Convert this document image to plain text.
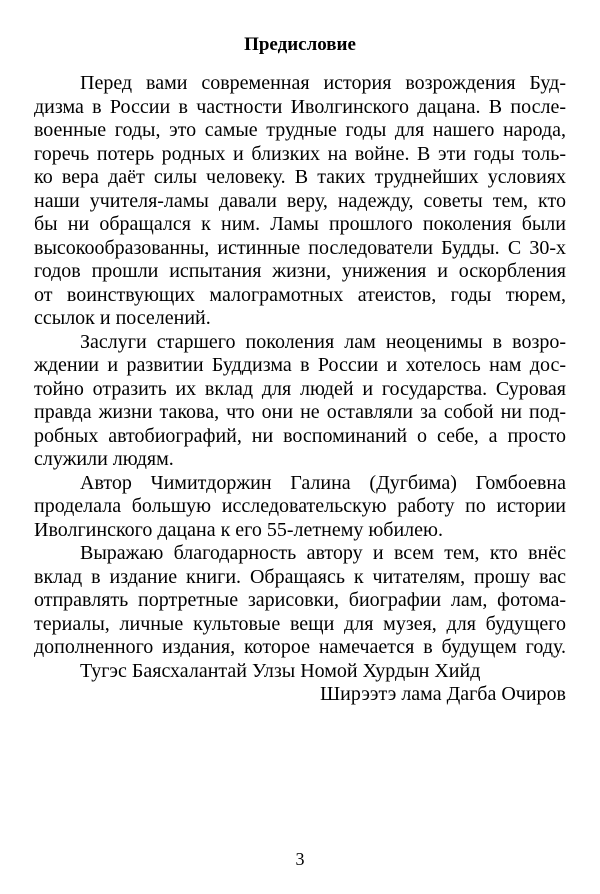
Предисловие
Перед вами современная история возрождения Буд-
дизма в России в частности Иволгинского дацана. В после-
военные годы, это самые трудные годы для нашего народа,
горечь потерь родных и близких на войне. В эти годы толь-
ко вера даёт силы человеку. В таких труднейших условиях
наши учителя-ламы давали веру, надежду, советы тем, кто
бы ни обращался к ним. Ламы прошлого поколения были
высокообразованны, истинные последователи Будды. С 30-х
годов прошли испытания жизни, унижения и оскорбления
от воинствующих малограмотных атеистов, годы тюрем,
ссылок и поселений.
Заслуги старшего поколения лам неоценимы в возро-
ждении и развитии Буддизма в России и хотелось нам дос-
тойно отразить их вклад для людей и государства. Суровая
правда жизни такова, что они не оставляли за собой ни под-
робных автобиографий, ни воспоминаний о себе, а просто
служили людям.
Автор Чимитдоржин Галина (Дугбима) Гомбоевна
проделала большую исследовательскую работу по истории
Иволгинского дацана к его 55-летнему юбилею.
Выражаю благодарность автору и всем тем, кто внёс
вклад в издание книги. Обращаясь к читателям, прошу вас
отправлять портретные зарисовки, биографии лам, фотома-
териалы, личные культовые вещи для музея, для будущего
дополненного издания, которое намечается в будущем году.
Тугэс Баясхалантай Улзы Номой Хурдын Хийд
Ширээтэ лама Дагба Очиров
3
